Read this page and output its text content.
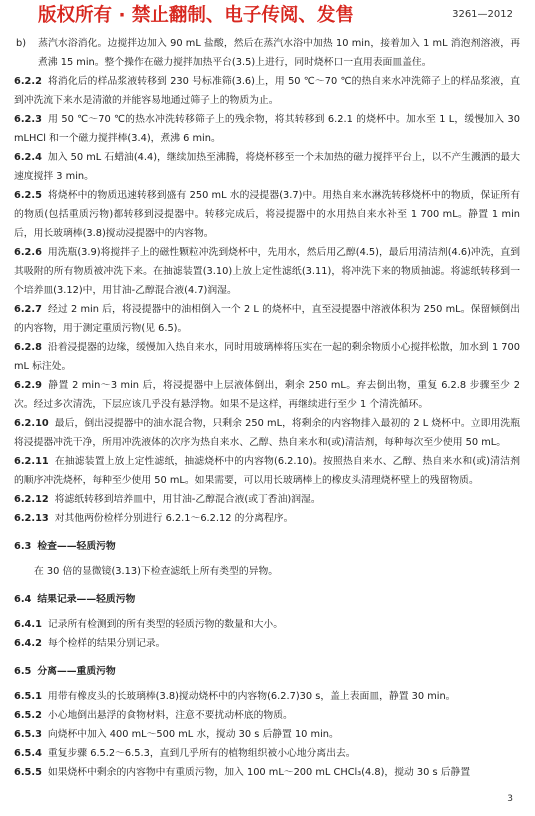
版权所有 · 禁止翻制、电子传阅、发售	3261—2012

b) 蒸汽水浴消化。边搅拌边加入 90 mL 盐酸，然后在蒸汽水浴中加热 10 min，接着加入 1 mL 消泡剂溶液，再煮沸 15 min。整个操作在磁力搅拌加热平台(3.5)上进行，同时烧杯口一直用表面皿盖住。

6.2.2 将消化后的样品浆液转移到 230 号标准筛(3.6)上，用 50 ℃～70 ℃的热自来水冲洗筛子上的样品浆液，直到冲洗流下来水是清澈的并能容易地通过筛子上的物质为止。

6.2.3 用 50 ℃～70 ℃的热水冲洗转移筛子上的残余物，将其转移到 6.2.1 的烧杯中。加水至 1 L，缓慢加入 30 mLHCl 和一个磁力搅拌棒(3.4)，煮沸 6 min。

6.2.4 加入 50 mL 石蜡油(4.4)，继续加热至沸腾，将烧杯移至一个未加热的磁力搅拌平台上，以不产生溅洒的最大速度搅拌 3 min。

6.2.5 将烧杯中的物质迅速转移到盛有 250 mL 水的浸提器(3.7)中。用热自来水淋洗转移烧杯中的物质，保证所有的物质(包括重质污物)都转移到浸提器中。转移完成后，将浸提器中的水用热自来水补至 1 700 mL。静置 1 min 后，用长玻璃棒(3.8)搅动浸提器中的内容物。

6.2.6 用洗瓶(3.9)将搅拌子上的磁性颗粒冲洗到烧杯中，先用水，然后用乙醇(4.5)，最后用清洁剂(4.6)冲洗，直到其吸附的所有物质被冲洗下来。在抽滤装置(3.10)上放上定性滤纸(3.11)，将冲洗下来的物质抽滤。将滤纸转移到一个培养皿(3.12)中，用甘油-乙醇混合液(4.7)润湿。

6.2.7 经过 2 min 后，将浸提器中的油相倒入一个 2 L 的烧杯中，直至浸提器中溶液体积为 250 mL。保留倾倒出的内容物，用于测定重质污物(见 6.5)。

6.2.8 沿着浸提器的边缘，缓慢加入热自来水，同时用玻璃棒将压实在一起的剩余物质小心搅拌松散，加水到 1 700 mL 标注处。

6.2.9 静置 2 min～3 min 后，将浸提器中上层液体倒出，剩余 250 mL。弃去倒出物，重复 6.2.8 步骤至少 2 次。经过多次清洗，下层应该几乎没有悬浮物。如果不是这样，再继续进行至少 1 个清洗循环。

6.2.10 最后，倒出浸提器中的油水混合物，只剩余 250 mL，将剩余的内容物排入最初的 2 L 烧杯中。立即用洗瓶将浸提器冲洗干净，所用冲洗液体的次序为热自来水、乙醇、热自来水和(或)清洁剂，每种每次至少使用 50 mL。

6.2.11 在抽滤装置上放上定性滤纸，抽滤烧杯中的内容物(6.2.10)。按照热自来水、乙醇、热自来水和(或)清洁剂的顺序冲洗烧杯，每种至少使用 50 mL。如果需要，可以用长玻璃棒上的橡皮头清理烧杯壁上的残留物质。

6.2.12 将滤纸转移到培养皿中，用甘油-乙醇混合液(或丁香油)润湿。

6.2.13 对其他两份检样分别进行 6.2.1～6.2.12 的分离程序。

6.3 检查——轻质污物

在 30 倍的显微镜(3.13)下检查滤纸上所有类型的异物。

6.4 结果记录——轻质污物

6.4.1 记录所有检测到的所有类型的轻质污物的数量和大小。

6.4.2 每个检样的结果分别记录。

6.5 分离——重质污物

6.5.1 用带有橡皮头的长玻璃棒(3.8)搅动烧杯中的内容物(6.2.7)30 s，盖上表面皿，静置 30 min。

6.5.2 小心地倒出悬浮的食物材料，注意不要扰动杯底的物质。

6.5.3 向烧杯中加入 400 mL～500 mL 水，搅动 30 s 后静置 10 min。

6.5.4 重复步骤 6.5.2～6.5.3，直到几乎所有的植物组织被小心地分离出去。

6.5.5 如果烧杯中剩余的内容物中有重质污物，加入 100 mL～200 mL CHCl₃(4.8)，搅动 30 s 后静置

3
